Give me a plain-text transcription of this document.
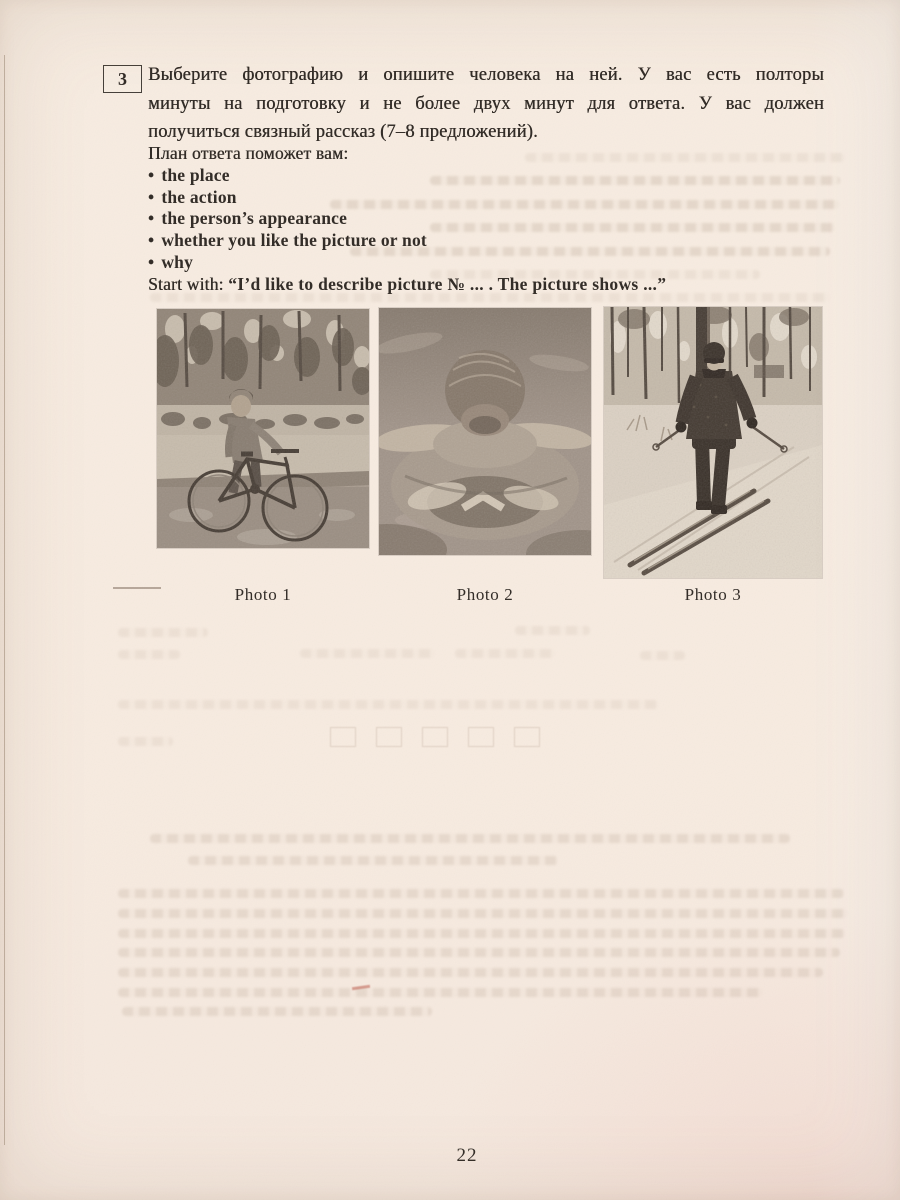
3 Выберите фотографию и опишите человека на ней. У вас есть полторы
минуты на подготовку и не более двух минут для ответа. У вас должен
получиться связный рассказ (7–8 предложений).
План ответа поможет вам:
• the place
• the action
• the person’s appearance
• whether you like the picture or not
• why
Start with: “I’d like to describe picture № ... . The picture shows ...”
Photo 1	Photo 2	Photo 3
22
